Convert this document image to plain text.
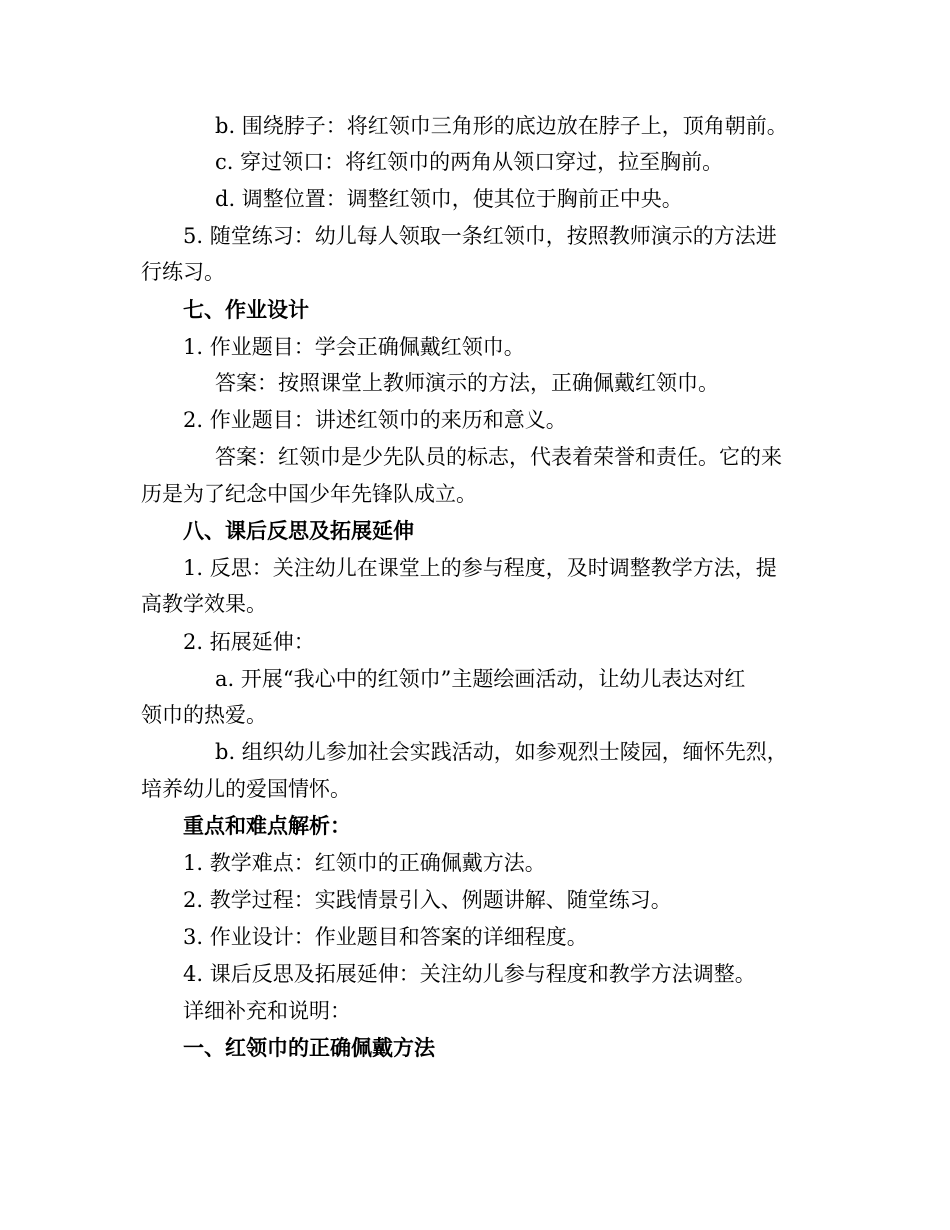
b. 围绕脖子：将红领巾三角形的底边放在脖子上，顶角朝前。
c. 穿过领口：将红领巾的两角从领口穿过，拉至胸前。
d. 调整位置：调整红领巾，使其位于胸前正中央。
5. 随堂练习：幼儿每人领取一条红领巾，按照教师演示的方法进
行练习。
七、作业设计
1. 作业题目：学会正确佩戴红领巾。
答案：按照课堂上教师演示的方法，正确佩戴红领巾。
2. 作业题目：讲述红领巾的来历和意义。
答案：红领巾是少先队员的标志，代表着荣誉和责任。它的来
历是为了纪念中国少年先锋队成立。
八、课后反思及拓展延伸
1. 反思：关注幼儿在课堂上的参与程度，及时调整教学方法，提
高教学效果。
2. 拓展延伸：
a. 开展“我心中的红领巾”主题绘画活动，让幼儿表达对红
领巾的热爱。
b. 组织幼儿参加社会实践活动，如参观烈士陵园，缅怀先烈，
培养幼儿的爱国情怀。
重点和难点解析：
1. 教学难点：红领巾的正确佩戴方法。
2. 教学过程：实践情景引入、例题讲解、随堂练习。
3. 作业设计：作业题目和答案的详细程度。
4. 课后反思及拓展延伸：关注幼儿参与程度和教学方法调整。
详细补充和说明：
一、红领巾的正确佩戴方法
